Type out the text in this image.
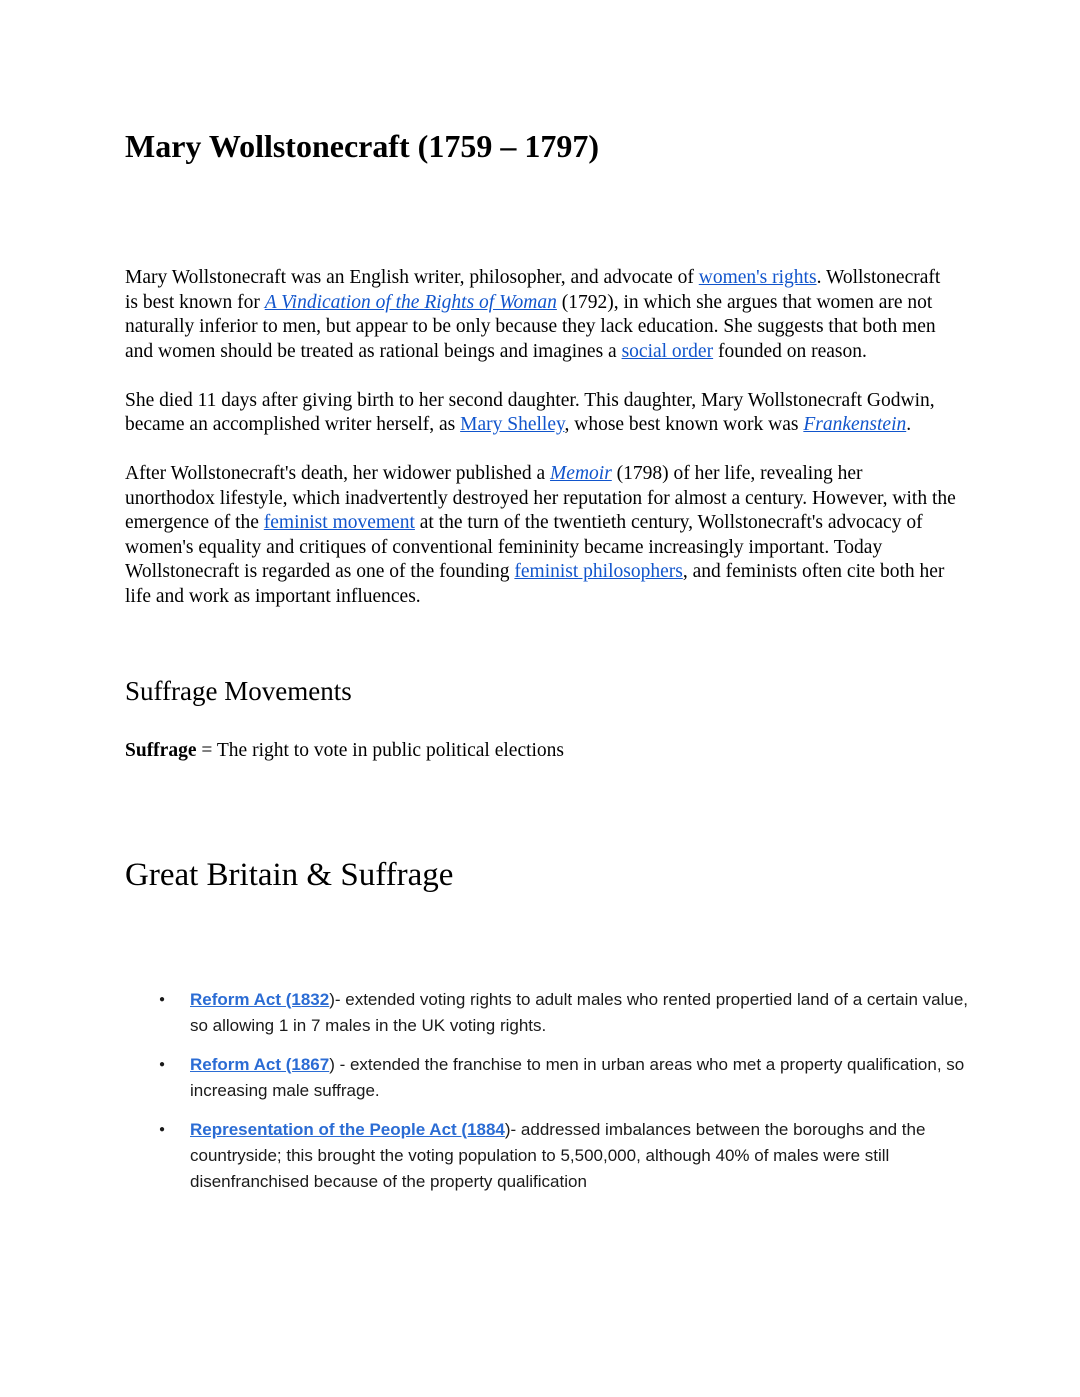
Mary Wollstonecraft (1759 – 1797)

Mary Wollstonecraft was an English writer, philosopher, and advocate of women's rights. Wollstonecraft is best known for A Vindication of the Rights of Woman (1792), in which she argues that women are not naturally inferior to men, but appear to be only because they lack education. She suggests that both men and women should be treated as rational beings and imagines a social order founded on reason.

She died 11 days after giving birth to her second daughter. This daughter, Mary Wollstonecraft Godwin, became an accomplished writer herself, as Mary Shelley, whose best known work was Frankenstein.

After Wollstonecraft's death, her widower published a Memoir (1798) of her life, revealing her unorthodox lifestyle, which inadvertently destroyed her reputation for almost a century. However, with the emergence of the feminist movement at the turn of the twentieth century, Wollstonecraft's advocacy of women's equality and critiques of conventional femininity became increasingly important. Today Wollstonecraft is regarded as one of the founding feminist philosophers, and feminists often cite both her life and work as important influences.

Suffrage Movements

Suffrage = The right to vote in public political elections

Great Britain & Suffrage
●	Reform Act (1832)- extended voting rights to adult males who rented propertied land of a certain value, so allowing 1 in 7 males in the UK voting rights.
●	Reform Act (1867) - extended the franchise to men in urban areas who met a property qualification, so increasing male suffrage.
●	Representation of the People Act (1884)- addressed imbalances between the boroughs and the countryside; this brought the voting population to 5,500,000, although 40% of males were still disenfranchised because of the property qualification
